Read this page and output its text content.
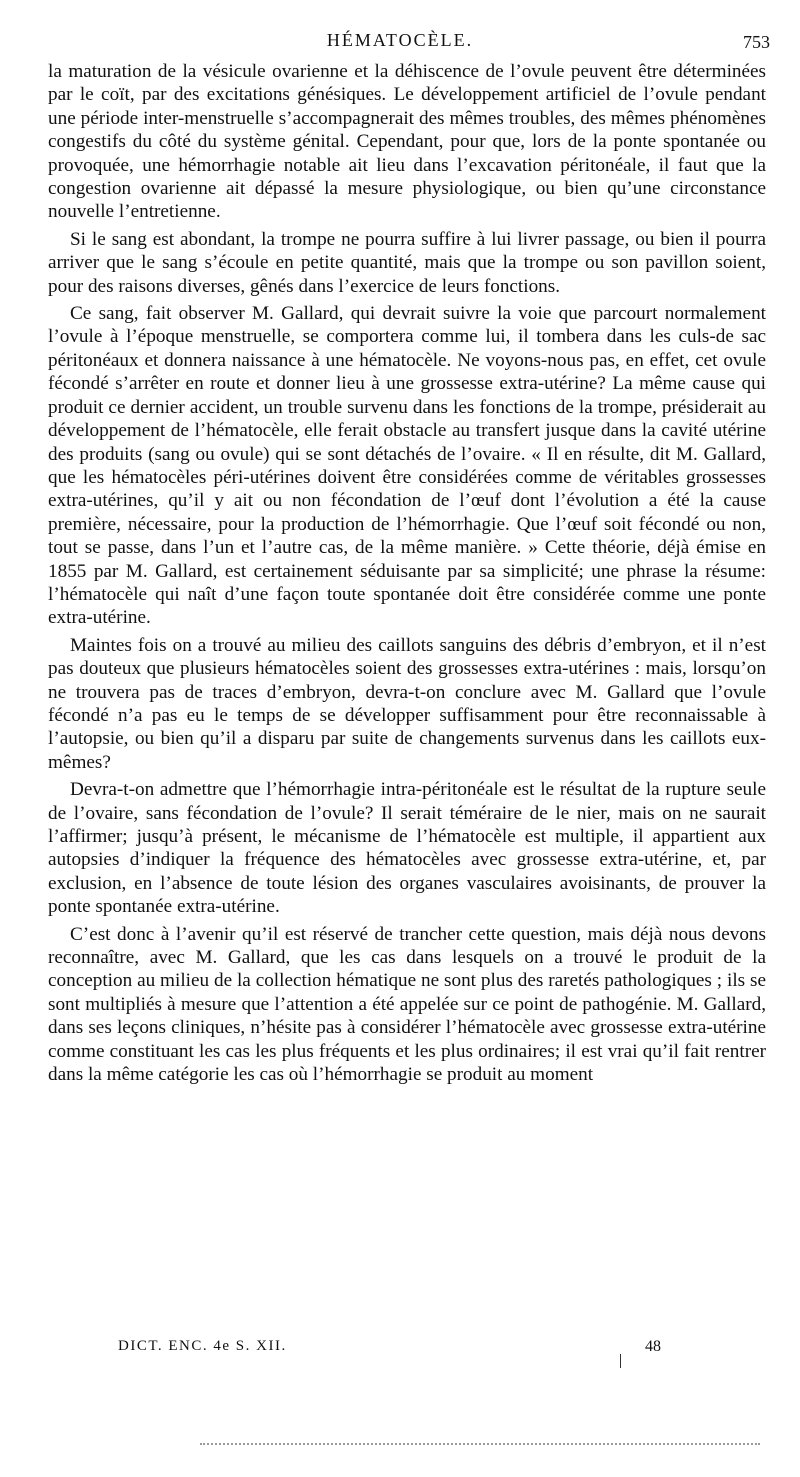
HÉMATOCÈLE.	753

la maturation de la vésicule ovarienne et la déhiscence de l’ovule peuvent être déterminées par le coït, par des excitations génésiques. Le développement artificiel de l’ovule pendant une période inter-menstruelle s’accompagnerait des mêmes troubles, des mêmes phénomènes congestifs du côté du système génital. Cependant, pour que, lors de la ponte spontanée ou provoquée, une hémorrhagie notable ait lieu dans l’excavation péritonéale, il faut que la congestion ovarienne ait dépassé la mesure physiologique, ou bien qu’une circonstance nouvelle l’entretienne.

Si le sang est abondant, la trompe ne pourra suffire à lui livrer passage, ou bien il pourra arriver que le sang s’écoule en petite quantité, mais que la trompe ou son pavillon soient, pour des raisons diverses, gênés dans l’exercice de leurs fonctions.

Ce sang, fait observer M. Gallard, qui devrait suivre la voie que parcourt normalement l’ovule à l’époque menstruelle, se comportera comme lui, il tombera dans les culs-de sac péritonéaux et donnera naissance à une hématocèle. Ne voyons-nous pas, en effet, cet ovule fécondé s’arrêter en route et donner lieu à une grossesse extra-utérine? La même cause qui produit ce dernier accident, un trouble survenu dans les fonctions de la trompe, présiderait au développement de l’hématocèle, elle ferait obstacle au transfert jusque dans la cavité utérine des produits (sang ou ovule) qui se sont détachés de l’ovaire. « Il en résulte, dit M. Gallard, que les hématocèles péri-utérines doivent être considérées comme de véritables grossesses extra-utérines, qu’il y ait ou non fécondation de l’œuf dont l’évolution a été la cause première, nécessaire, pour la production de l’hémorrhagie. Que l’œuf soit fécondé ou non, tout se passe, dans l’un et l’autre cas, de la même manière. » Cette théorie, déjà émise en 1855 par M. Gallard, est certainement séduisante par sa simplicité; une phrase la résume: l’hématocèle qui naît d’une façon toute spontanée doit être considérée comme une ponte extra-utérine.

Maintes fois on a trouvé au milieu des caillots sanguins des débris d’embryon, et il n’est pas douteux que plusieurs hématocèles soient des grossesses extra-utérines : mais, lorsqu’on ne trouvera pas de traces d’embryon, devra-t-on conclure avec M. Gallard que l’ovule fécondé n’a pas eu le temps de se développer suffisamment pour être reconnaissable à l’autopsie, ou bien qu’il a disparu par suite de changements survenus dans les caillots eux-mêmes?

Devra-t-on admettre que l’hémorrhagie intra-péritonéale est le résultat de la rupture seule de l’ovaire, sans fécondation de l’ovule? Il serait téméraire de le nier, mais on ne saurait l’affirmer; jusqu’à présent, le mécanisme de l’hématocèle est multiple, il appartient aux autopsies d’indiquer la fréquence des hématocèles avec grossesse extra-utérine, et, par exclusion, en l’absence de toute lésion des organes vasculaires avoisinants, de prouver la ponte spontanée extra-utérine.

C’est donc à l’avenir qu’il est réservé de trancher cette question, mais déjà nous devons reconnaître, avec M. Gallard, que les cas dans lesquels on a trouvé le produit de la conception au milieu de la collection hématique ne sont plus des raretés pathologiques ; ils se sont multipliés à mesure que l’attention a été appelée sur ce point de pathogénie. M. Gallard, dans ses leçons cliniques, n’hésite pas à considérer l’hématocèle avec grossesse extra-utérine comme constituant les cas les plus fréquents et les plus ordinaires; il est vrai qu’il fait rentrer dans la même catégorie les cas où l’hémorrhagie se produit au moment

DICT. ENC. 4e S. XII.	48
